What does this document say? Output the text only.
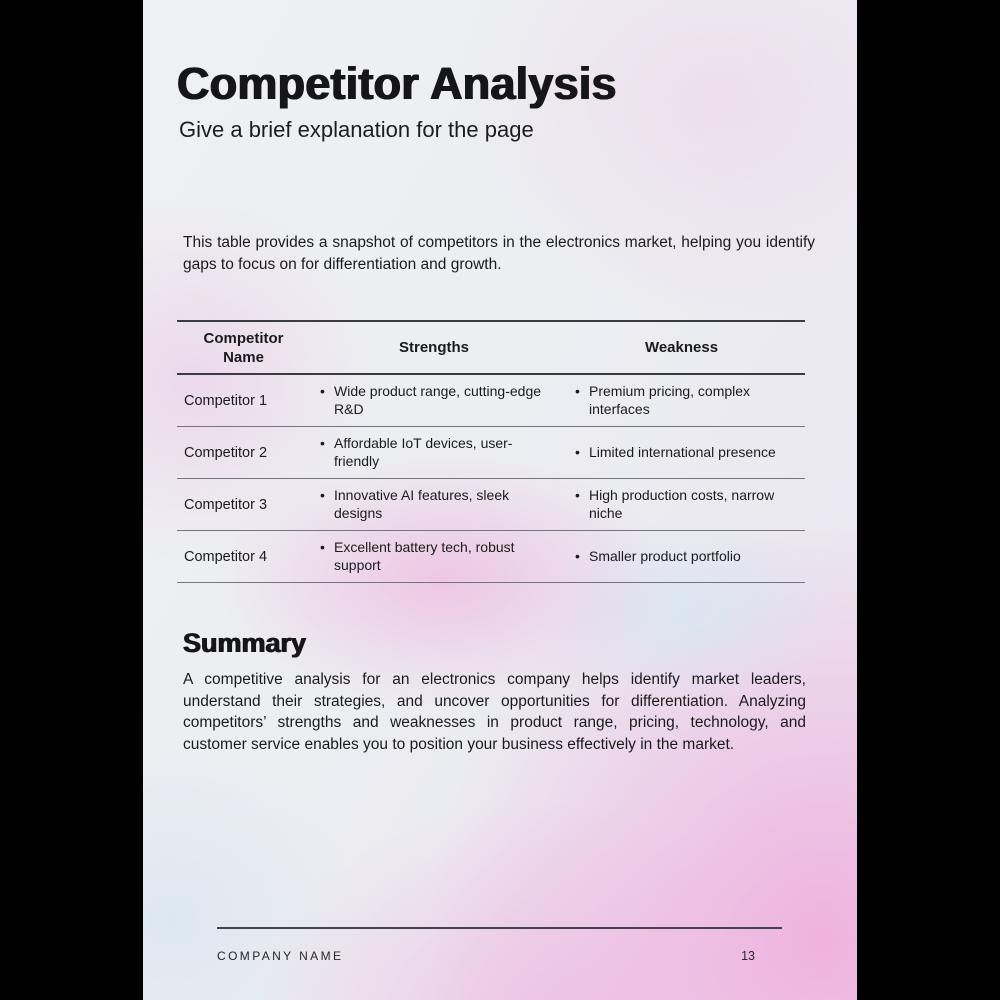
Competitor Analysis
Give a brief explanation for the page
This table provides a snapshot of competitors in the electronics market, helping you identify gaps to focus on for differentiation and growth.
Competitor Name
Strengths	Weakness
Competitor 1
• Wide product range, cutting-edge R&D
• Premium pricing, complex interfaces
Competitor 2
• Affordable IoT devices, user-friendly
• Limited international presence
Competitor 3
• Innovative AI features, sleek designs
• High production costs, narrow niche
Competitor 4
• Excellent battery tech, robust support
• Smaller product portfolio
Summary
A competitive analysis for an electronics company helps identify market leaders, understand their strategies, and uncover opportunities for differentiation. Analyzing competitors’ strengths and weaknesses in product range, pricing, technology, and customer service enables you to position your business effectively in the market.
COMPANY NAME	13
